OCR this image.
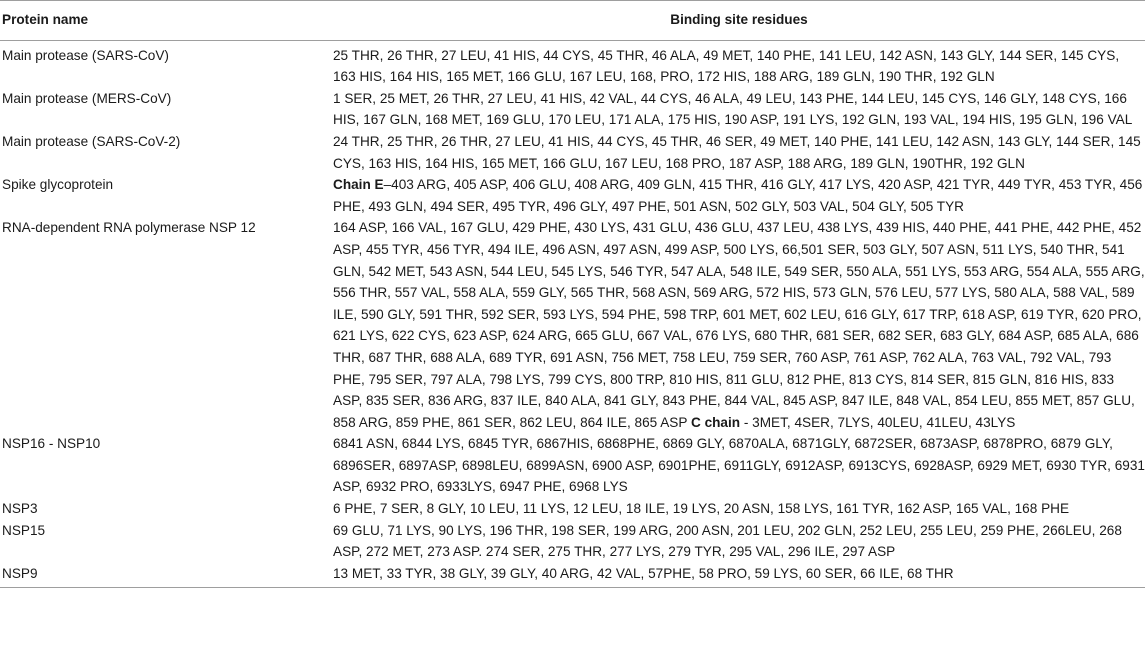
Protein name	Binding site residues
Main protease (SARS-CoV)	25 THR, 26 THR, 27 LEU, 41 HIS, 44 CYS, 45 THR, 46 ALA, 49 MET, 140 PHE, 141 LEU, 142 ASN, 143 GLY, 144 SER, 145 CYS, 163 HIS, 164 HIS, 165 MET, 166 GLU, 167 LEU, 168, PRO, 172 HIS, 188 ARG, 189 GLN, 190 THR, 192 GLN
Main protease (MERS-CoV)	1 SER, 25 MET, 26 THR, 27 LEU, 41 HIS, 42 VAL, 44 CYS, 46 ALA, 49 LEU, 143 PHE, 144 LEU, 145 CYS, 146 GLY, 148 CYS, 166 HIS, 167 GLN, 168 MET, 169 GLU, 170 LEU, 171 ALA, 175 HIS, 190 ASP, 191 LYS, 192 GLN, 193 VAL, 194 HIS, 195 GLN, 196 VAL
Main protease (SARS-CoV-2)	24 THR, 25 THR, 26 THR, 27 LEU, 41 HIS, 44 CYS, 45 THR, 46 SER, 49 MET, 140 PHE, 141 LEU, 142 ASN, 143 GLY, 144 SER, 145 CYS, 163 HIS, 164 HIS, 165 MET, 166 GLU, 167 LEU, 168 PRO, 187 ASP, 188 ARG, 189 GLN, 190THR, 192 GLN
Spike glycoprotein	Chain E–403 ARG, 405 ASP, 406 GLU, 408 ARG, 409 GLN, 415 THR, 416 GLY, 417 LYS, 420 ASP, 421 TYR, 449 TYR, 453 TYR, 456 PHE, 493 GLN, 494 SER, 495 TYR, 496 GLY, 497 PHE, 501 ASN, 502 GLY, 503 VAL, 504 GLY, 505 TYR
RNA-dependent RNA polymerase NSP 12	164 ASP, 166 VAL, 167 GLU, 429 PHE, 430 LYS, 431 GLU, 436 GLU, 437 LEU, 438 LYS, 439 HIS, 440 PHE, 441 PHE, 442 PHE, 452 ASP, 455 TYR, 456 TYR, 494 ILE, 496 ASN, 497 ASN, 499 ASP, 500 LYS, 66,501 SER, 503 GLY, 507 ASN, 511 LYS, 540 THR, 541 GLN, 542 MET, 543 ASN, 544 LEU, 545 LYS, 546 TYR, 547 ALA, 548 ILE, 549 SER, 550 ALA, 551 LYS, 553 ARG, 554 ALA, 555 ARG, 556 THR, 557 VAL, 558 ALA, 559 GLY, 565 THR, 568 ASN, 569 ARG, 572 HIS, 573 GLN, 576 LEU, 577 LYS, 580 ALA, 588 VAL, 589 ILE, 590 GLY, 591 THR, 592 SER, 593 LYS, 594 PHE, 598 TRP, 601 MET, 602 LEU, 616 GLY, 617 TRP, 618 ASP, 619 TYR, 620 PRO, 621 LYS, 622 CYS, 623 ASP, 624 ARG, 665 GLU, 667 VAL, 676 LYS, 680 THR, 681 SER, 682 SER, 683 GLY, 684 ASP, 685 ALA, 686 THR, 687 THR, 688 ALA, 689 TYR, 691 ASN, 756 MET, 758 LEU, 759 SER, 760 ASP, 761 ASP, 762 ALA, 763 VAL, 792 VAL, 793 PHE, 795 SER, 797 ALA, 798 LYS, 799 CYS, 800 TRP, 810 HIS, 811 GLU, 812 PHE, 813 CYS, 814 SER, 815 GLN, 816 HIS, 833 ASP, 835 SER, 836 ARG, 837 ILE, 840 ALA, 841 GLY, 843 PHE, 844 VAL, 845 ASP, 847 ILE, 848 VAL, 854 LEU, 855 MET, 857 GLU, 858 ARG, 859 PHE, 861 SER, 862 LEU, 864 ILE, 865 ASP C chain - 3MET, 4SER, 7LYS, 40LEU, 41LEU, 43LYS
NSP16 - NSP10	6841 ASN, 6844 LYS, 6845 TYR, 6867HIS, 6868PHE, 6869 GLY, 6870ALA, 6871GLY, 6872SER, 6873ASP, 6878PRO, 6879 GLY, 6896SER, 6897ASP, 6898LEU, 6899ASN, 6900 ASP, 6901PHE, 6911GLY, 6912ASP, 6913CYS, 6928ASP, 6929 MET, 6930 TYR, 6931 ASP, 6932 PRO, 6933LYS, 6947 PHE, 6968 LYS
NSP3	6 PHE, 7 SER, 8 GLY, 10 LEU, 11 LYS, 12 LEU, 18 ILE, 19 LYS, 20 ASN, 158 LYS, 161 TYR, 162 ASP, 165 VAL, 168 PHE
NSP15	69 GLU, 71 LYS, 90 LYS, 196 THR, 198 SER, 199 ARG, 200 ASN, 201 LEU, 202 GLN, 252 LEU, 255 LEU, 259 PHE, 266LEU, 268 ASP, 272 MET, 273 ASP. 274 SER, 275 THR, 277 LYS, 279 TYR, 295 VAL, 296 ILE, 297 ASP
NSP9	13 MET, 33 TYR, 38 GLY, 39 GLY, 40 ARG, 42 VAL, 57PHE, 58 PRO, 59 LYS, 60 SER, 66 ILE, 68 THR
